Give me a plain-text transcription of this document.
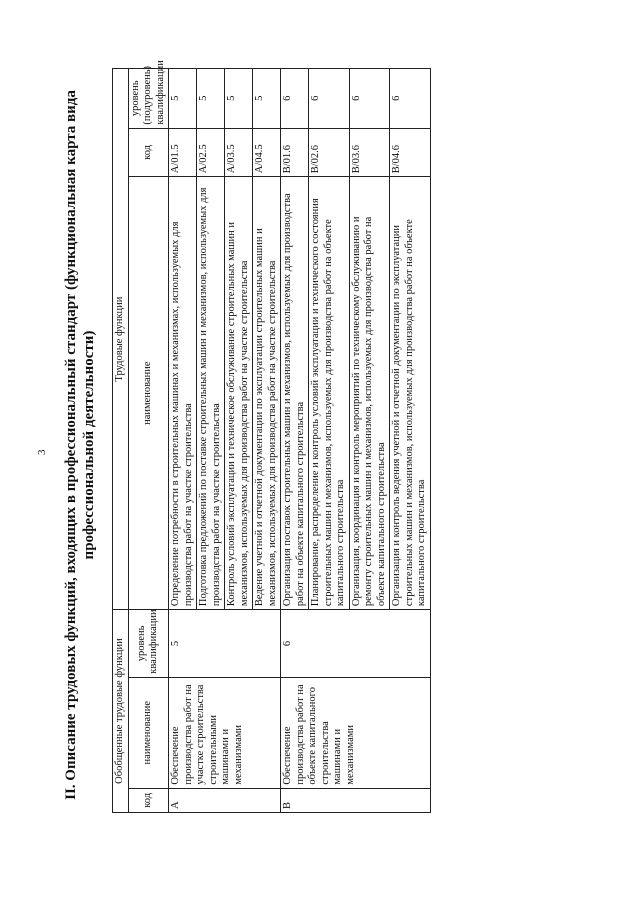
3 II. Описание трудовых функций, входящих в профессиональный стандарт (функциональная карта вида профессиональной деятельности)
Обобщенные трудовые функции			Трудовые функции		
код	наименование	уровень квалификации	наименование	код	уровень (подуровень) квалификации
А	Обеспечение производства работ на участке строительства строительными машинами и механизмами	5	Определение потребности в строительных машинах и механизмах, используемых для производства работ на участке строительства	А/01.5	5
			Подготовка предложений по поставке строительных машин и механизмов, используемых для производства работ на участке строительства	А/02.5	5
			Контроль условий эксплуатации и техническое обслуживание строительных машин и механизмов, используемых для производства работ на участке строительства	А/03.5	5
			Ведение учетной и отчетной документации по эксплуатации строительных машин и механизмов, используемых для производства работ на участке строительства	А/04.5	5
В	Обеспечение производства работ на объекте капитального строительства машинами и механизмами	6	Организация поставок строительных машин и механизмов, используемых для производства работ на объекте капитального строительства	В/01.6	6
			Планирование, распределение и контроль условий эксплуатации и технического состояния строительных машин и механизмов, используемых для производства работ на объекте капитального строительства	В/02.6	6
			Организация, координация и контроль мероприятий по техническому обслуживанию и ремонту строительных машин и механизмов, используемых для производства работ на объекте капитального строительства	В/03.6	6
			Организация и контроль ведения учетной и отчетной документации по эксплуатации строительных машин и механизмов, используемых для производства работ на объекте капитального строительства	В/04.6	6
